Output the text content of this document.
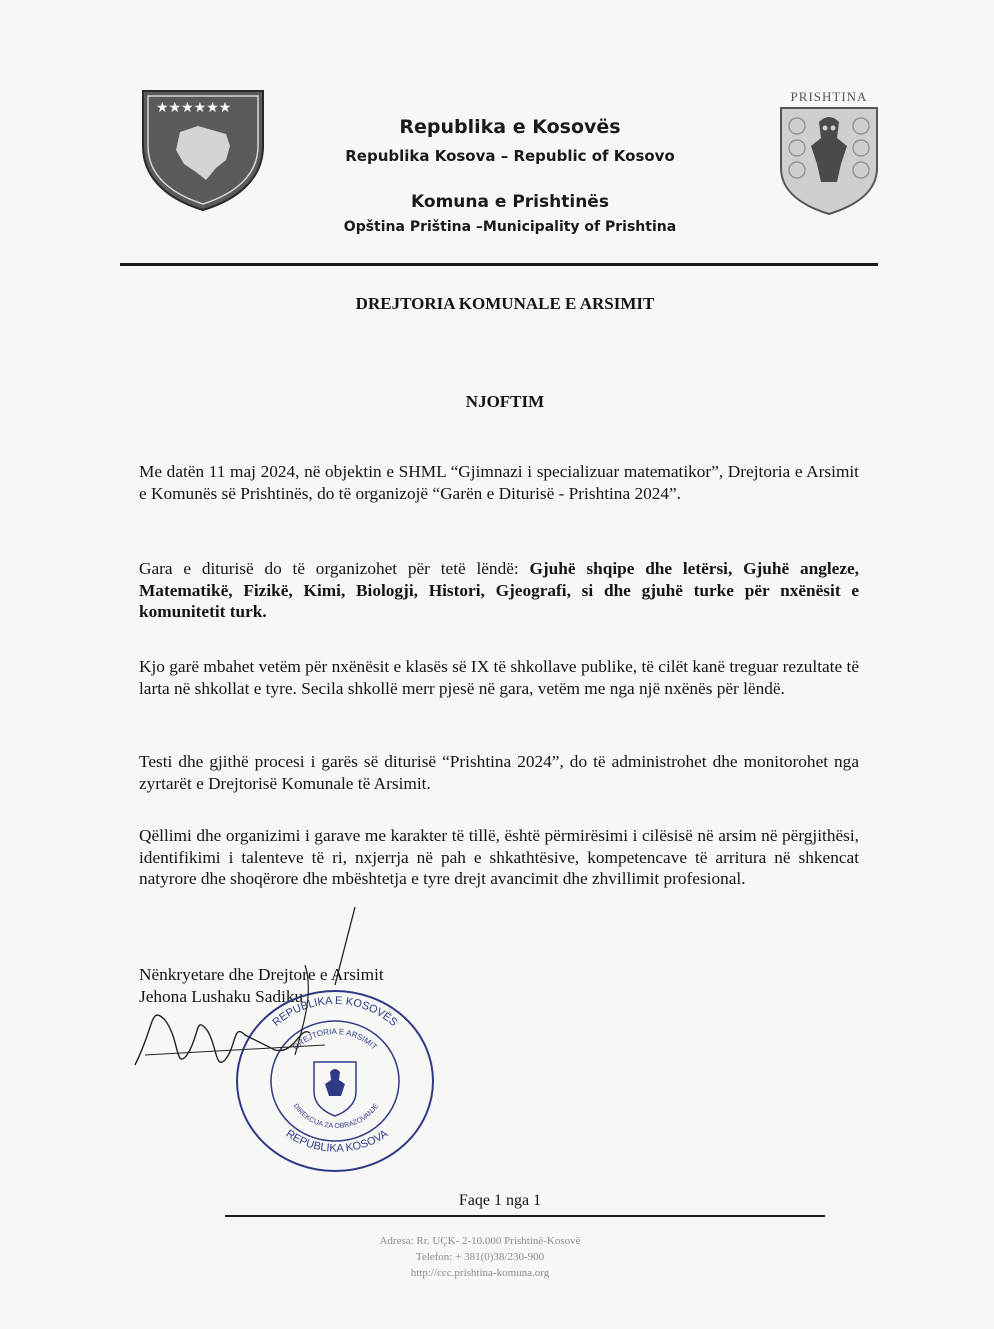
★★★★★★
Republika e Kosovës
Republika Kosova – Republic of Kosovo
Komuna e Prishtinës
Opština Priština –Municipality of Prishtina
PRISHTINA
DREJTORIA KOMUNALE E ARSIMIT
NJOFTIM
Me datën 11 maj 2024, në objektin e SHML “Gjimnazi i specializuar matematikor”, Drejtoria e Arsimit e Komunës së Prishtinës, do të organizojë “Garën e Diturisë - Prishtina 2024”.
Gara e diturisë do të organizohet për tetë lëndë: Gjuhë shqipe dhe letërsi, Gjuhë angleze, Matematikë, Fizikë, Kimi, Biologji, Histori, Gjeografi, si dhe gjuhë turke për nxënësit e komunitetit turk.
Kjo garë mbahet vetëm për nxënësit e klasës së IX të shkollave publike, të cilët kanë treguar rezultate të larta në shkollat e tyre. Secila shkollë merr pjesë në gara, vetëm me nga një nxënës për lëndë.
Testi dhe gjithë procesi i garës së diturisë “Prishtina 2024”, do të administrohet dhe monitorohet nga zyrtarët e Drejtorisë Komunale të Arsimit.
Qëllimi dhe organizimi i garave me karakter të tillë, është përmirësimi i cilësisë në arsim në përgjithësi, identifikimi i talenteve të ri, nxjerrja në pah e shkathtësive, kompetencave të arritura në shkencat natyrore dhe shoqërore dhe mbështetja e tyre drejt avancimit dhe zhvillimit profesional.
Nënkryetare dhe Drejtore e Arsimit
Jehona Lushaku Sadiku
REPUBLIKA E KOSOVËS
REPUBLIKA KOSOVA
DREJTORIA E ARSIMIT
DIREKCIJA ZA OBRAZOVANJE
Faqe 1 nga 1
Adresa: Rr. UÇK- 2-10.000 Prishtinë-Kosovë
Telefon: + 381(0)38/230-900
http://ccc.prishtina-komuna.org
